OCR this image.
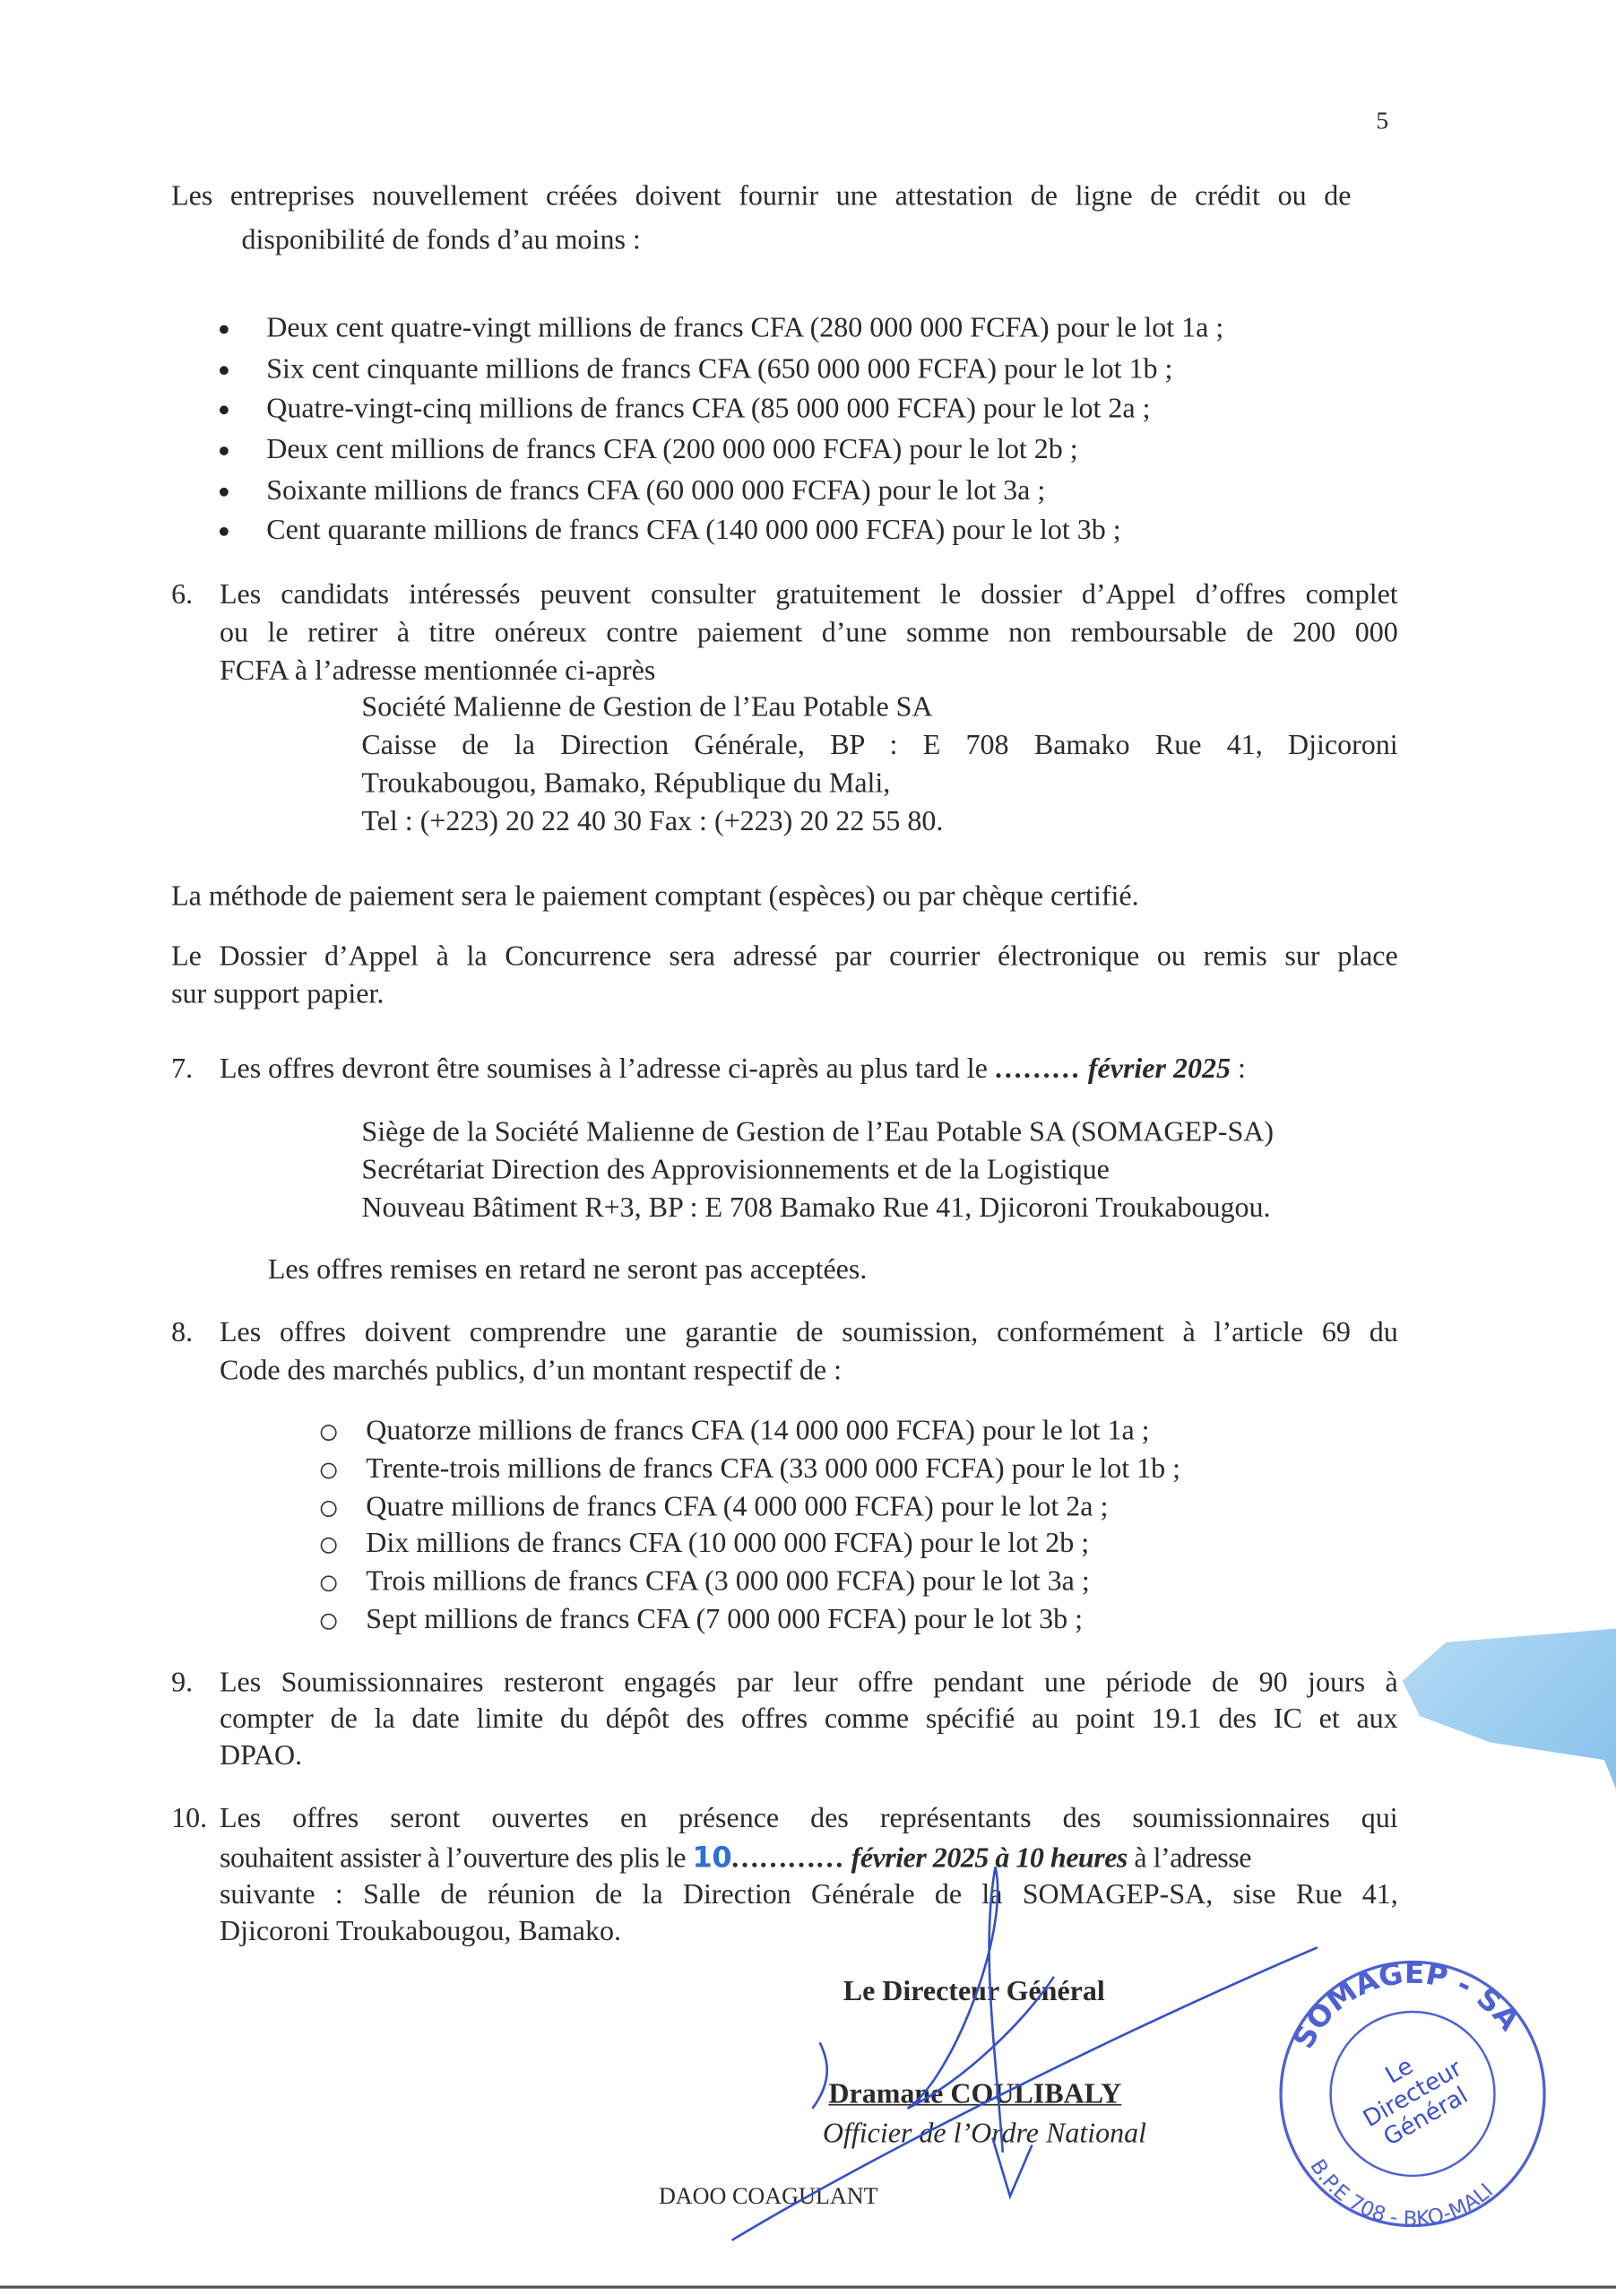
5
Les entreprises nouvellement créées doivent fournir une attestation de ligne de crédit ou de
disponibilité de fonds d’au moins :
6. Les candidats intéressés peuvent consulter gratuitement le dossier d’Appel d’offres complet
ou le retirer à titre onéreux contre paiement d’une somme non remboursable de 200 000
FCFA à l’adresse mentionnée ci-après
Société Malienne de Gestion de l’Eau Potable SA
Caisse de la Direction Générale, BP : E 708 Bamako Rue 41, Djicoroni
Troukabougou, Bamako, République du Mali,
Tel : (+223) 20 22 40 30 Fax : (+223) 20 22 55 80.
La méthode de paiement sera le paiement comptant (espèces) ou par chèque certifié.
Le Dossier d’Appel à la Concurrence sera adressé par courrier électronique ou remis sur place
sur support papier.
7. Les offres devront être soumises à l’adresse ci-après au plus tard le ……… février 2025 :
Siège de la Société Malienne de Gestion de l’Eau Potable SA (SOMAGEP-SA)
Secrétariat Direction des Approvisionnements et de la Logistique
Nouveau Bâtiment R+3, BP : E 708 Bamako Rue 41, Djicoroni Troukabougou.
Les offres remises en retard ne seront pas acceptées.
8. Les offres doivent comprendre une garantie de soumission, conformément à l’article 69 du
Code des marchés publics, d’un montant respectif de :
9. Les Soumissionnaires resteront engagés par leur offre pendant une période de 90 jours à
compter de la date limite du dépôt des offres comme spécifié au point 19.1 des IC et aux
DPAO.
10. Les offres seront ouvertes en présence des représentants des soumissionnaires qui
souhaitent assister à l’ouverture des plis le 10………… février 2025 à 10 heures à l’adresse
suivante : Salle de réunion de la Direction Générale de la SOMAGEP-SA, sise Rue 41,
Djicoroni Troukabougou, Bamako.
Le Directeur Général
Dramane COULIBALY
Officier de l’Ordre National
DAOO COAGULANT
SOMAGEP - SA
B.P.E 708 - BKO-MALI
Le Directeur Général
Deux cent quatre-vingt millions de francs CFA (280 000 000 FCFA) pour le lot 1a ;
Six cent cinquante millions de francs CFA (650 000 000 FCFA) pour le lot 1b ;
Quatre-vingt-cinq millions de francs CFA (85 000 000 FCFA) pour le lot 2a ;
Deux cent millions de francs CFA (200 000 000 FCFA) pour le lot 2b ;
Soixante millions de francs CFA (60 000 000 FCFA) pour le lot 3a ;
Cent quarante millions de francs CFA (140 000 000 FCFA) pour le lot 3b ;
Quatorze millions de francs CFA (14 000 000 FCFA) pour le lot 1a ;
Trente-trois millions de francs CFA (33 000 000 FCFA) pour le lot 1b ;
Quatre millions de francs CFA (4 000 000 FCFA) pour le lot 2a ;
Dix millions de francs CFA (10 000 000 FCFA) pour le lot 2b ;
Trois millions de francs CFA (3 000 000 FCFA) pour le lot 3a ;
Sept millions de francs CFA (7 000 000 FCFA) pour le lot 3b ;
